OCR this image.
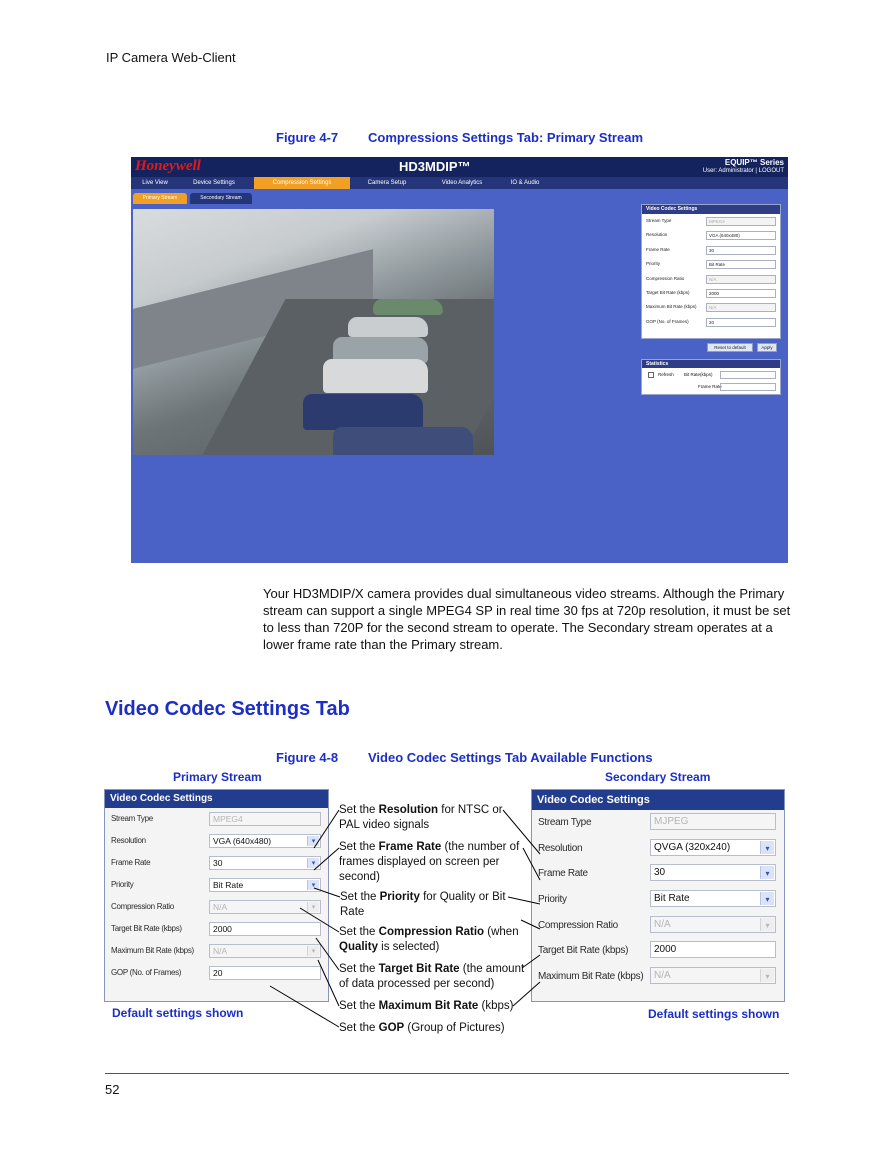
IP Camera Web-Client
Figure 4-7 Compressions Settings Tab: Primary Stream
Honeywell	HD3MDIP™	EQUIP™ Series
User: Administrator | LOGOUT
Live View	Device Settings	Compression Settings	Camera Setup	Video Analytics	IO & Audio
Primary Stream	Secondary Stream
Video Codec Settings
Stream Type	MPEG4
Resolution	VGA (640x480)
Frame Rate	30
Priority	Bit Rate
Compression Ratio	N/A
Target Bit Rate (kbps)	2000
Maximum Bit Rate (kbps)	N/A
GOP (No. of Frames)	20
Reset to default	Apply
Statistics
Refresh Bit Rate(kbps)
Frame Rate

Your HD3MDIP/X camera provides dual simultaneous video streams. Although the Primary stream can support a single MPEG4 SP in real time 30 fps at 720p resolution, it must be set to less than 720P for the second stream to operate. The Secondary stream operates at a lower frame rate than the Primary stream.

Video Codec Settings Tab
Figure 4-8 Video Codec Settings Tab Available Functions
Primary Stream	Secondary Stream
Video Codec Settings
Stream Type	MPEG4
Resolution	VGA (640x480)	▾
Frame Rate	30	▾
Priority	Bit Rate	▾
Compression Ratio	N/A	▾
Target Bit Rate (kbps)	2000
Maximum Bit Rate (kbps)	N/A	▾
GOP (No. of Frames)	20
Video Codec Settings
Stream Type	MJPEG
Resolution	QVGA (320x240)	▾
Frame Rate	30	▾
Priority	Bit Rate	▾
Compression Ratio	N/A	▾
Target Bit Rate (kbps)	2000
Maximum Bit Rate (kbps)	N/A	▾
Set the Resolution for NTSC or PAL video signals
Set the Frame Rate (the number of frames displayed on screen per second)
Set the Priority for Quality or Bit Rate
Set the Compression Ratio (when Quality is selected)
Set the Target Bit Rate (the amount of data processed per second)
Set the Maximum Bit Rate (kbps)
Set the GOP (Group of Pictures)
Default settings shown	Default settings shown
52
